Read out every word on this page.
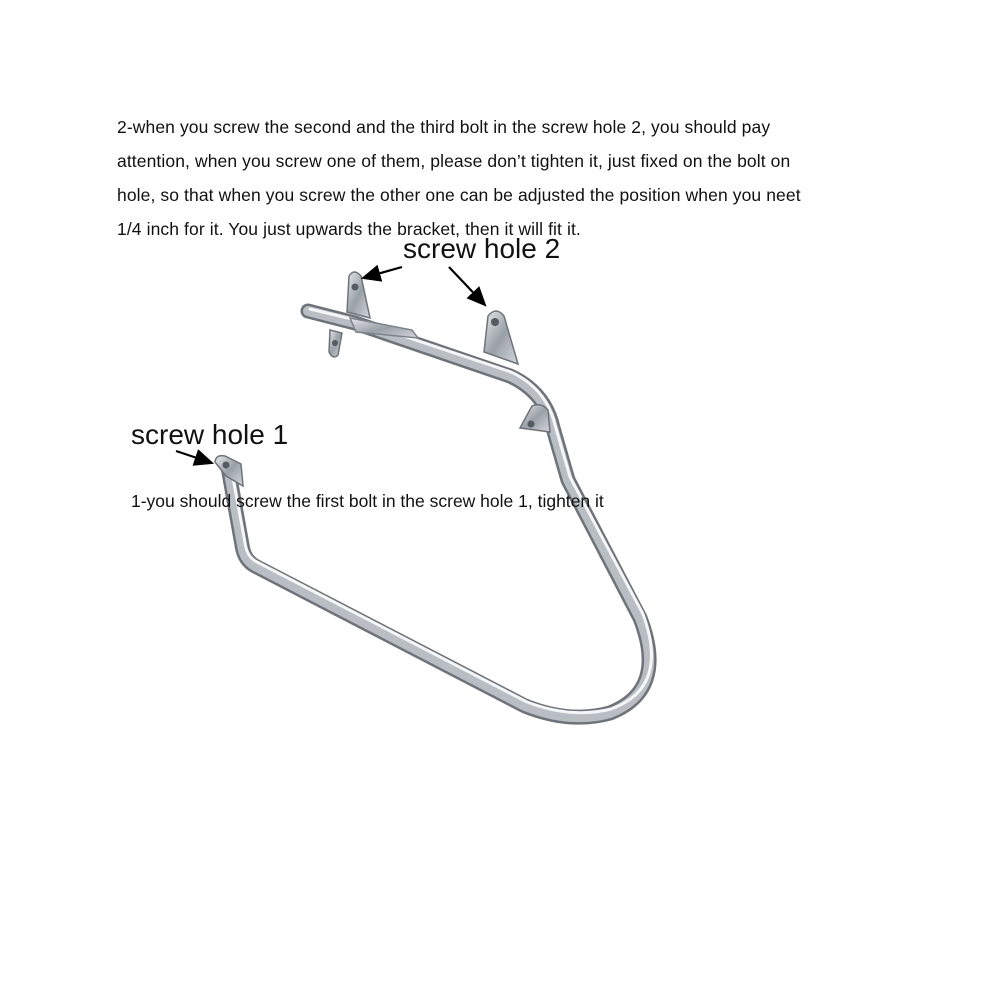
2-when you screw the second and the third bolt in the screw hole 2, you should pay
attention, when you screw one of them, please don’t tighten it, just fixed on the bolt on
hole, so that when you screw the other one can be adjusted the position when you neet
1/4 inch for it. You just upwards the bracket, then it will fit it.

screw hole 2
screw hole 1
1-you should screw the first bolt in the screw hole 1, tighten it
